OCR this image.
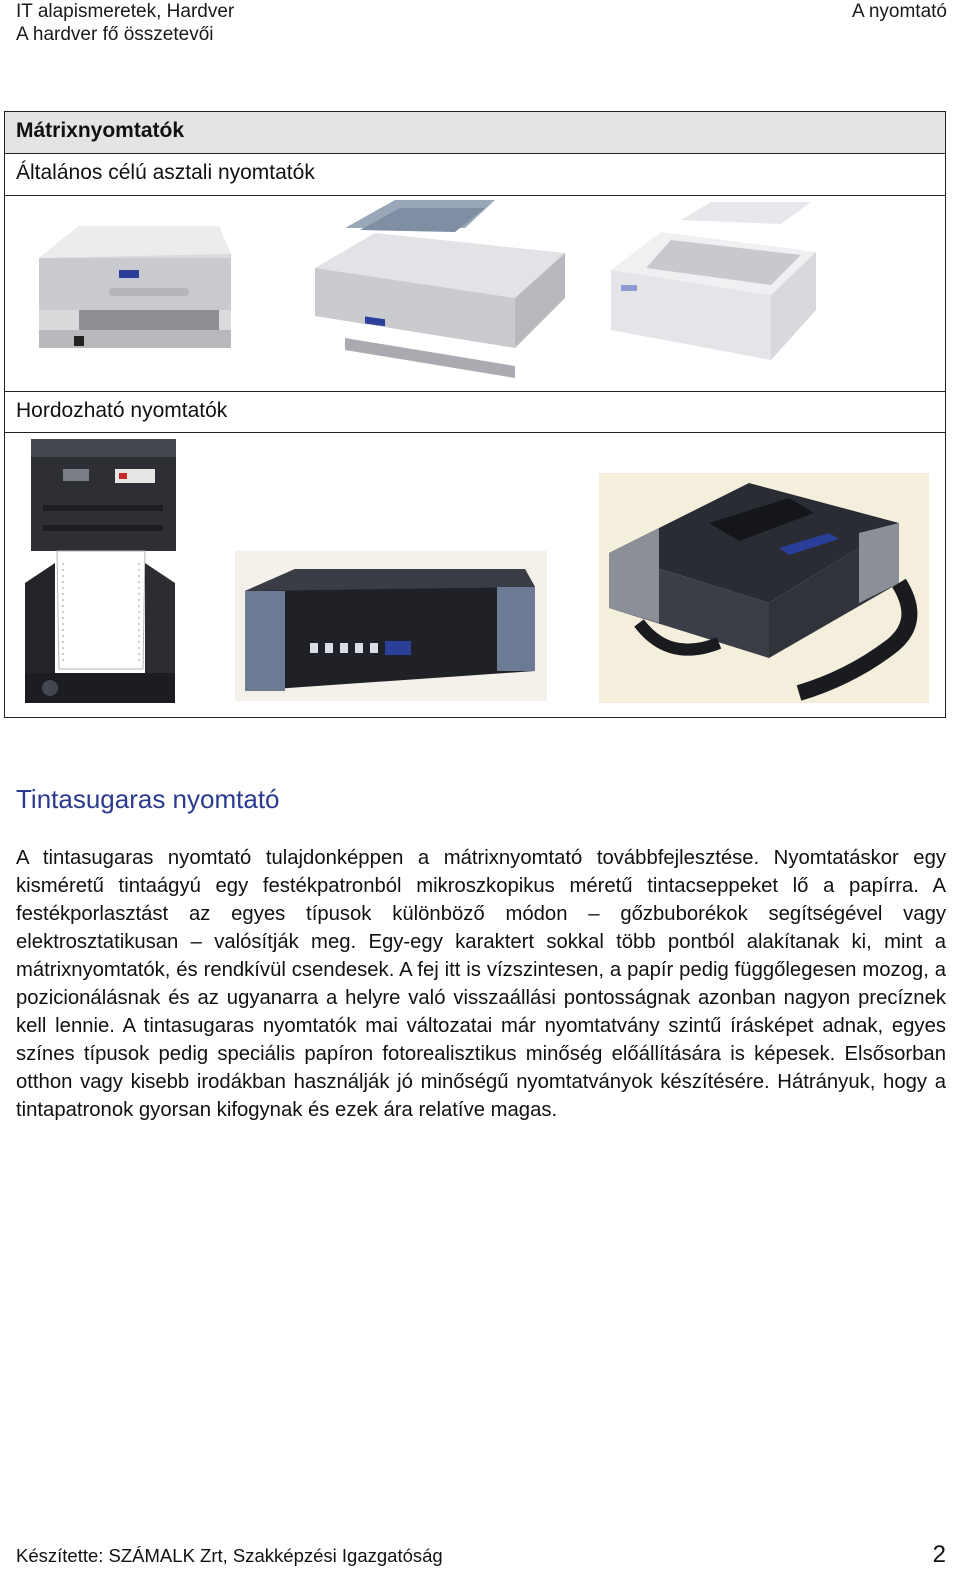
IT alapismeretek, Hardver
A hardver fő összetevői
A nyomtató
Mátrixnyomtatók
Általános célú asztali nyomtatók
Hordozható nyomtatók
Tintasugaras nyomtató
A tintasugaras nyomtató tulajdonképpen a mátrixnyomtató továbbfejlesztése. Nyomtatáskor egy kisméretű tintaágyú egy festékpatronból mikroszkopikus méretű tintacseppeket lő a papírra. A festékporlasztást az egyes típusok különböző módon – gőzbuborékok segítségével vagy elektrosztatikusan – valósítják meg. Egy-egy karaktert sokkal több pontból alakítanak ki, mint a mátrixnyomtatók, és rendkívül csendesek. A fej itt is vízszintesen, a papír pedig függőlegesen mozog, a pozicionálásnak és az ugyanarra a helyre való visszaállási pontosságnak azonban nagyon precíznek kell lennie. A tintasugaras nyomtatók mai változatai már nyomtatvány szintű írásképet adnak, egyes színes típusok pedig speciális papíron fotorealisztikus minőség előállítására is képesek. Elsősorban otthon vagy kisebb irodákban használják jó minőségű nyomtatványok készítésére. Hátrányuk, hogy a tintapatronok gyorsan kifogynak és ezek ára relatíve magas.
Készítette: SZÁMALK Zrt, Szakképzési Igazgatóság	2
